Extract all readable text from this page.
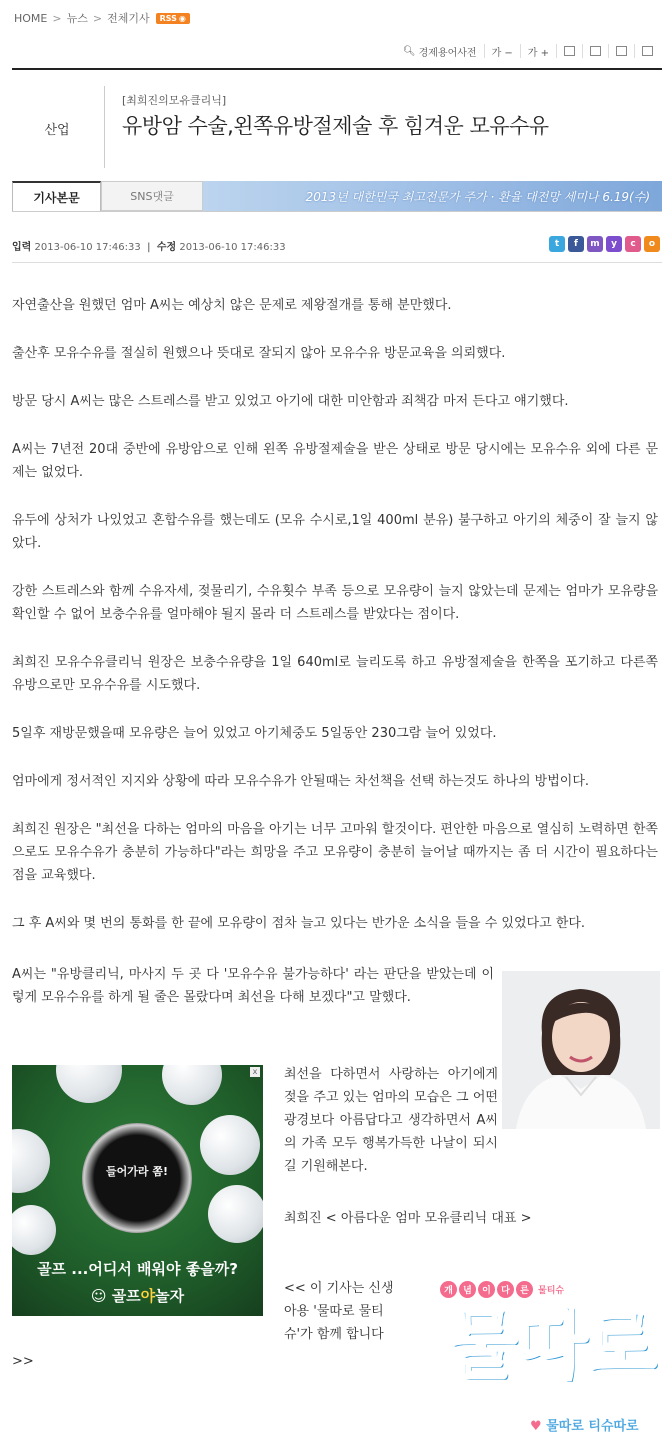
HOME > 뉴스 > 전체기사 RSS ◉
🔍︎ 경제용어사전	가 −	가 +
산업
[최희진의모유클리닉]
유방암 수술,왼쪽유방절제술 후 힘겨운 모유수유
기사본문	SNS댓글	2013년 대한민국 최고전문가 주가 · 환율 대전망 세미나 6.19(수)
입력 2013-06-10 17:46:33  |  수정 2013-06-10 17:46:33	t	f	m	y	c	o

자연출산을 원했던 엄마 A씨는 예상치 않은 문제로 제왕절개를 통해 분만했다.

출산후 모유수유를 절실히 원했으나 뜻대로 잘되지 않아 모유수유 방문교육을 의뢰했다.

방문 당시 A씨는 많은 스트레스를 받고 있었고 아기에 대한 미안함과 죄책감 마저 든다고 얘기했다.

A씨는 7년전 20대 중반에 유방암으로 인해 왼쪽 유방절제술을 받은 상태로 방문 당시에는 모유수유 외에 다른 문제는 없었다.

유두에 상처가 나있었고 혼합수유를 했는데도 (모유 수시로,1일 400ml 분유) 불구하고 아기의 체중이 잘 늘지 않았다.

강한 스트레스와 함께 수유자세, 젖물리기, 수유횟수 부족 등으로 모유량이 늘지 않았는데 문제는 엄마가 모유량을 확인할 수 없어 보충수유를 얼마해야 될지 몰라 더 스트레스를 받았다는 점이다.

최희진 모유수유클리닉 원장은 보충수유량을 1일 640ml로 늘리도록 하고 유방절제술을 한쪽을 포기하고 다른쪽 유방으로만 모유수유를 시도했다.

5일후 재방문했을때 모유량은 늘어 있었고 아기체중도 5일동안 230그람 늘어 있었다.

엄마에게 정서적인 지지와 상황에 따라 모유수유가 안될때는 차선책을 선택 하는것도 하나의 방법이다.

최희진 원장은 "최선을 다하는 엄마의 마음을 아기는 너무 고마워 할것이다. 편안한 마음으로 열심히 노력하면 한쪽으로도 모유수유가 충분히 가능하다"라는 희망을 주고 모유량이 충분히 늘어날 때까지는 좀 더 시간이 필요하다는 점을 교육했다.

그 후 A씨와 몇 번의 통화를 한 끝에 모유량이 점차 늘고 있다는 반가운 소식을 들을 수 있었다고 한다.

A씨는 "유방클리닉, 마사지 두 곳 다 '모유수유 불가능하다' 라는 판단을 받았는데 이렇게 모유수유를 하게 될 줄은 몰랐다며 최선을 다해 보겠다"고 말했다.

x
들어가라 쫌!
골프 ...어디서 배워야 좋을까?
☺︎ 골프야놀자

최선을 다하면서 사랑하는 아기에게 젖을 주고 있는 엄마의 모습은 그 어떤 광경보다 아름답다고 생각하면서 A씨의 가족 모두 행복가득한 나날이 되시길 기원해본다.

최희진 < 아름다운 엄마 모유클리닉 대표 >
<< 이 기사는 신생아용 '물따로 물티슈'가 함께 합니다
>>
개	념	이	다	른	물티슈
물따로
♥ 물따로 티슈따로
